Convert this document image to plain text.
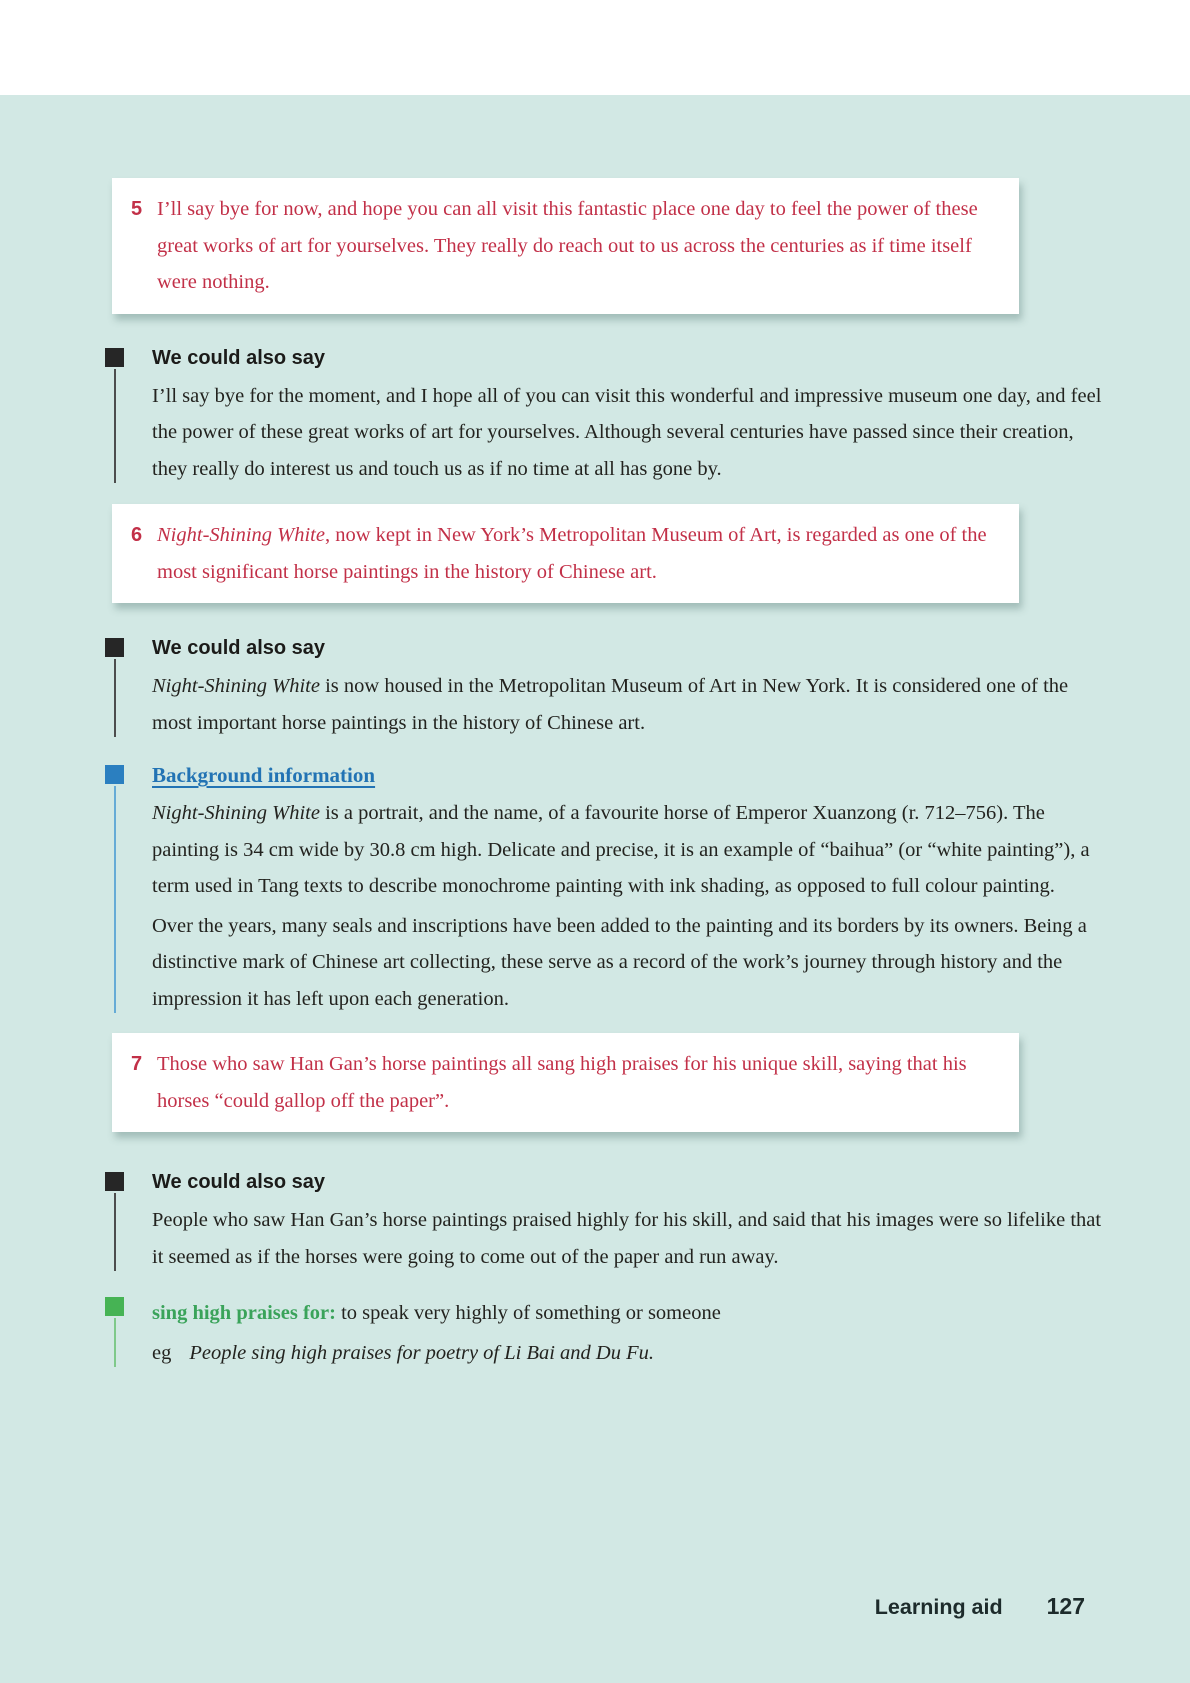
5 I’ll say bye for now, and hope you can all visit this fantastic place one day to feel the power of these great works of art for yourselves. They really do reach out to us across the centuries as if time itself were nothing.
We could also say

I’ll say bye for the moment, and I hope all of you can visit this wonderful and impressive museum one day, and feel the power of these great works of art for yourselves. Although several centuries have passed since their creation, they really do interest us and touch us as if no time at all has gone by.

6 Night-Shining White, now kept in New York’s Metropolitan Museum of Art, is regarded as one of the most significant horse paintings in the history of Chinese art.
We could also say

Night-Shining White is now housed in the Metropolitan Museum of Art in New York. It is considered one of the most important horse paintings in the history of Chinese art.

Background information

Night-Shining White is a portrait, and the name, of a favourite horse of Emperor Xuanzong (r. 712–756). The painting is 34 cm wide by 30.8 cm high. Delicate and precise, it is an example of “baihua” (or “white painting”), a term used in Tang texts to describe monochrome painting with ink shading, as opposed to full colour painting.

Over the years, many seals and inscriptions have been added to the painting and its borders by its owners. Being a distinctive mark of Chinese art collecting, these serve as a record of the work’s journey through history and the impression it has left upon each generation.

7 Those who saw Han Gan’s horse paintings all sang high praises for his unique skill, saying that his horses “could gallop off the paper”.
We could also say

People who saw Han Gan’s horse paintings praised highly for his skill, and said that his images were so lifelike that it seemed as if the horses were going to come out of the paper and run away.

sing high praises for: to speak very highly of something or someone

eg People sing high praises for poetry of Li Bai and Du Fu.

Learning aid 127
